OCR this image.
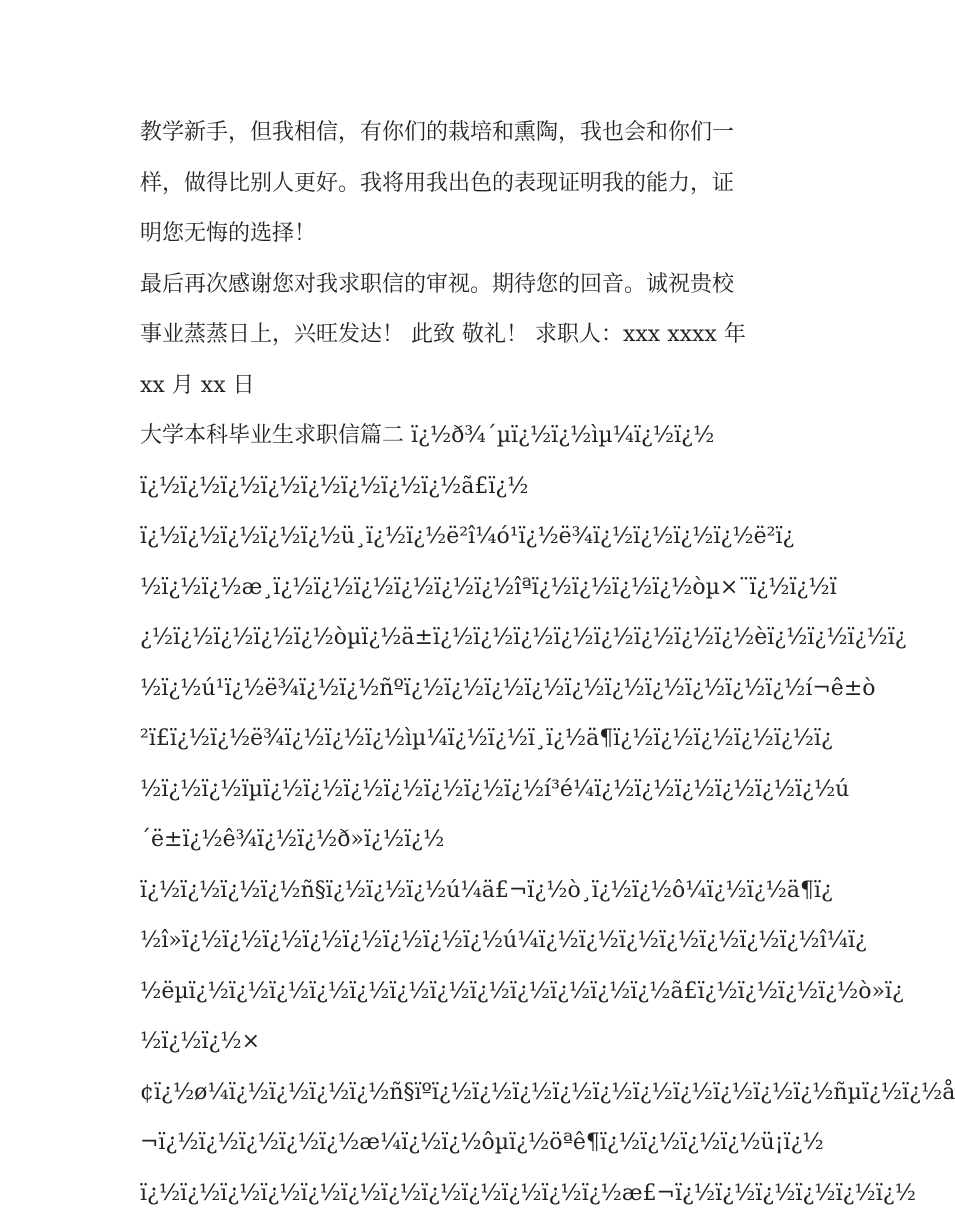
教学新手，但我相信，有你们的栽培和熏陶，我也会和你们一
样，做得比别人更好。我将用我出色的表现证明我的能力，证
明您无悔的选择！
最后再次感谢您对我求职信的审视。期待您的回音。诚祝贵校
事业蒸蒸日上，兴旺发达！ 此致 敬礼！ 求职人：xxx xxxx 年
xx 月 xx 日
大学本科毕业生求职信篇二 ï¿½ð¾´µï¿½ï¿½ìµ¼ï¿½ï¿½
ï¿½ï¿½ï¿½ï¿½ï¿½ï¿½ï¿½ï¿½ã£ï¿½
ï¿½ï¿½ï¿½ï¿½ï¿½ü¸ï¿½ï¿½ë²î¼ó¹ï¿½ë¾ï¿½ï¿½ï¿½ï¿½ë²ï¿
½ï¿½ï¿½æ¸ï¿½ï¿½ï¿½ï¿½ï¿½ï¿½îªï¿½ï¿½ï¿½ï¿½òµ×¨ï¿½ï¿½ï
¿½ï¿½ï¿½ï¿½ï¿½òµï¿½ä±ï¿½ï¿½ï¿½ï¿½ï¿½ï¿½ï¿½ï¿½èï¿½ï¿½ï¿½ï¿
½ï¿½ú¹ï¿½ë¾ï¿½ï¿½ñºï¿½ï¿½ï¿½ï¿½ï¿½ï¿½ï¿½ï¿½ï¿½ï¿½í¬ê±ò
²ï£ï¿½ï¿½ë¾ï¿½ï¿½ï¿½ìµ¼ï¿½ï¿½ï¸ï¿½ä¶ï¿½ï¿½ï¿½ï¿½ï¿½ï¿
½ï¿½ï¿½ïµï¿½ï¿½ï¿½ï¿½ï¿½ï¿½ï¿½í³é¼ï¿½ï¿½ï¿½ï¿½ï¿½ï¿½ú
´ë±ï¿½ê¾ï¿½ï¿½ð»ï¿½ï¿½
ï¿½ï¿½ï¿½ï¿½ñ§ï¿½ï¿½ï¿½ú¼ä£¬ï¿½ò¸ï¿½ï¿½ô¼ï¿½ï¿½ä¶ï¿
½î»ï¿½ï¿½ï¿½ï¿½ï¿½ï¿½ï¿½ï¿½ú¼ï¿½ï¿½ï¿½ï¿½ï¿½ï¿½ï¿½î¼ï¿
½ëµï¿½ï¿½ï¿½ï¿½ï¿½ï¿½ï¿½ï¿½ï¿½ï¿½ï¿½ï¿½ã£ï¿½ï¿½ï¿½ï¿½ò»ï¿
½ï¿½ï¿½×
¢ï¿½ø¼ï¿½ï¿½ï¿½ï¿½ñ§ïºï¿½ï¿½ï¿½ï¿½ï¿½ï¿½ï¿½ï¿½ï¿½ï¿½ñµï¿½ï¿½å
¬ï¿½ï¿½ï¿½ï¿½ï¿½æ¼ï¿½ï¿½ôµï¿½öªê¶ï¿½ï¿½ï¿½ï¿½ü¡ï¿½
ï¿½ï¿½ï¿½ï¿½ï¿½ï¿½ï¿½ï¿½ï¿½ï¿½ï¿½ï¿½æ£¬ï¿½ï¿½ï¿½ï¿½ï¿½ï¿½
